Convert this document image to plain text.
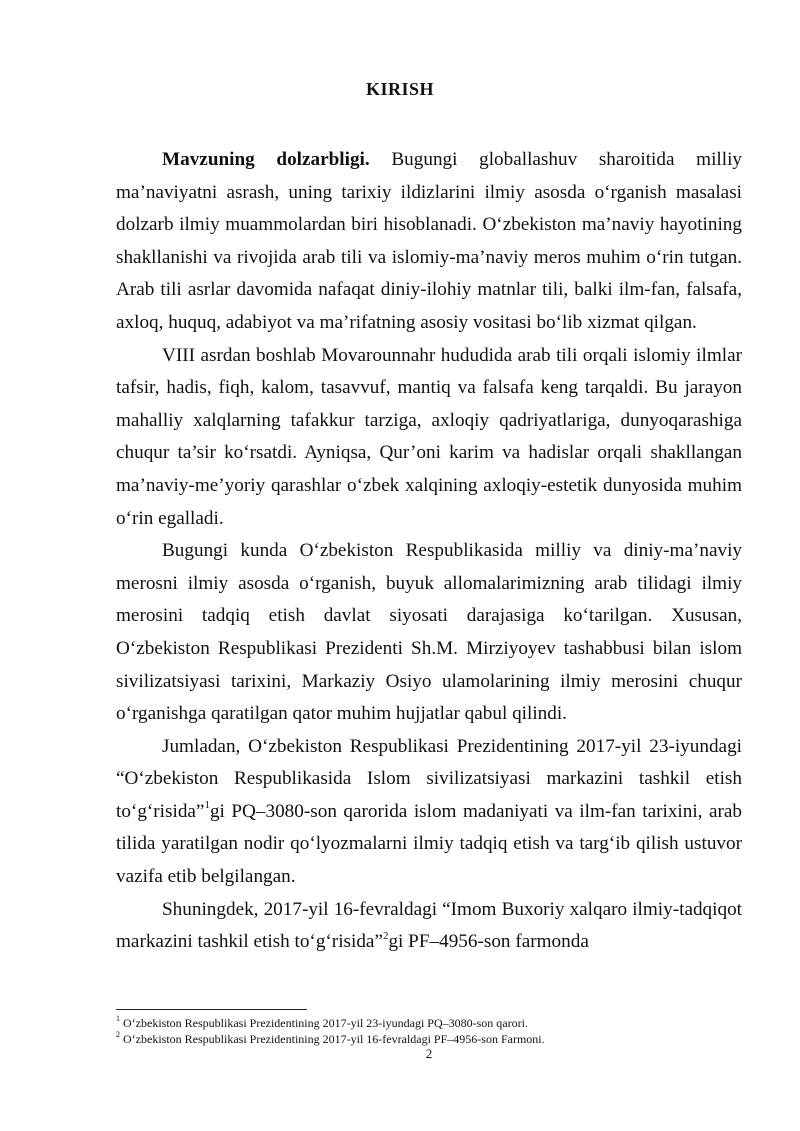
KIRISH

Mavzuning dolzarbligi. Bugungi globallashuv sharoitida milliy ma’naviyatni asrash, uning tarixiy ildizlarini ilmiy asosda o‘rganish masalasi dolzarb ilmiy muammolardan biri hisoblanadi. O‘zbekiston ma’naviy hayotining shakllanishi va rivojida arab tili va islomiy-ma’naviy meros muhim o‘rin tutgan. Arab tili asrlar davomida nafaqat diniy-ilohiy matnlar tili, balki ilm-fan, falsafa, axloq, huquq, adabiyot va ma’rifatning asosiy vositasi bo‘lib xizmat qilgan.

VIII asrdan boshlab Movarounnahr hududida arab tili orqali islomiy ilmlar tafsir, hadis, fiqh, kalom, tasavvuf, mantiq va falsafa keng tarqaldi. Bu jarayon mahalliy xalqlarning tafakkur tarziga, axloqiy qadriyatlariga, dunyoqarashiga chuqur ta’sir ko‘rsatdi. Ayniqsa, Qur’oni karim va hadislar orqali shakllangan ma’naviy-me’yoriy qarashlar o‘zbek xalqining axloqiy-estetik dunyosida muhim o‘rin egalladi.

Bugungi kunda O‘zbekiston Respublikasida milliy va diniy-ma’naviy merosni ilmiy asosda o‘rganish, buyuk allomalarimizning arab tilidagi ilmiy merosini tadqiq etish davlat siyosati darajasiga ko‘tarilgan. Xususan, O‘zbekiston Respublikasi Prezidenti Sh.M. Mirziyoyev tashabbusi bilan islom sivilizatsiyasi tarixini, Markaziy Osiyo ulamolarining ilmiy merosini chuqur o‘rganishga qaratilgan qator muhim hujjatlar qabul qilindi.

Jumladan, O‘zbekiston Respublikasi Prezidentining 2017-yil 23-iyundagi “O‘zbekiston Respublikasida Islom sivilizatsiyasi markazini tashkil etish to‘g‘risida”$^1$gi PQ–3080-son qarorida islom madaniyati va ilm-fan tarixini, arab tilida yaratilgan nodir qo‘lyozmalarni ilmiy tadqiq etish va targ‘ib qilish ustuvor vazifa etib belgilangan.

Shuningdek, 2017-yil 16-fevraldagi “Imom Buxoriy xalqaro ilmiy-tadqiqot markazini tashkil etish to‘g‘risida”$^2$gi PF–4956-son farmonda

$^1$ O‘zbekiston Respublikasi Prezidentining 2017-yil 23-iyundagi PQ–3080-son qarori.
$^2$ O‘zbekiston Respublikasi Prezidentining 2017-yil 16-fevraldagi PF–4956-son Farmoni.
2
